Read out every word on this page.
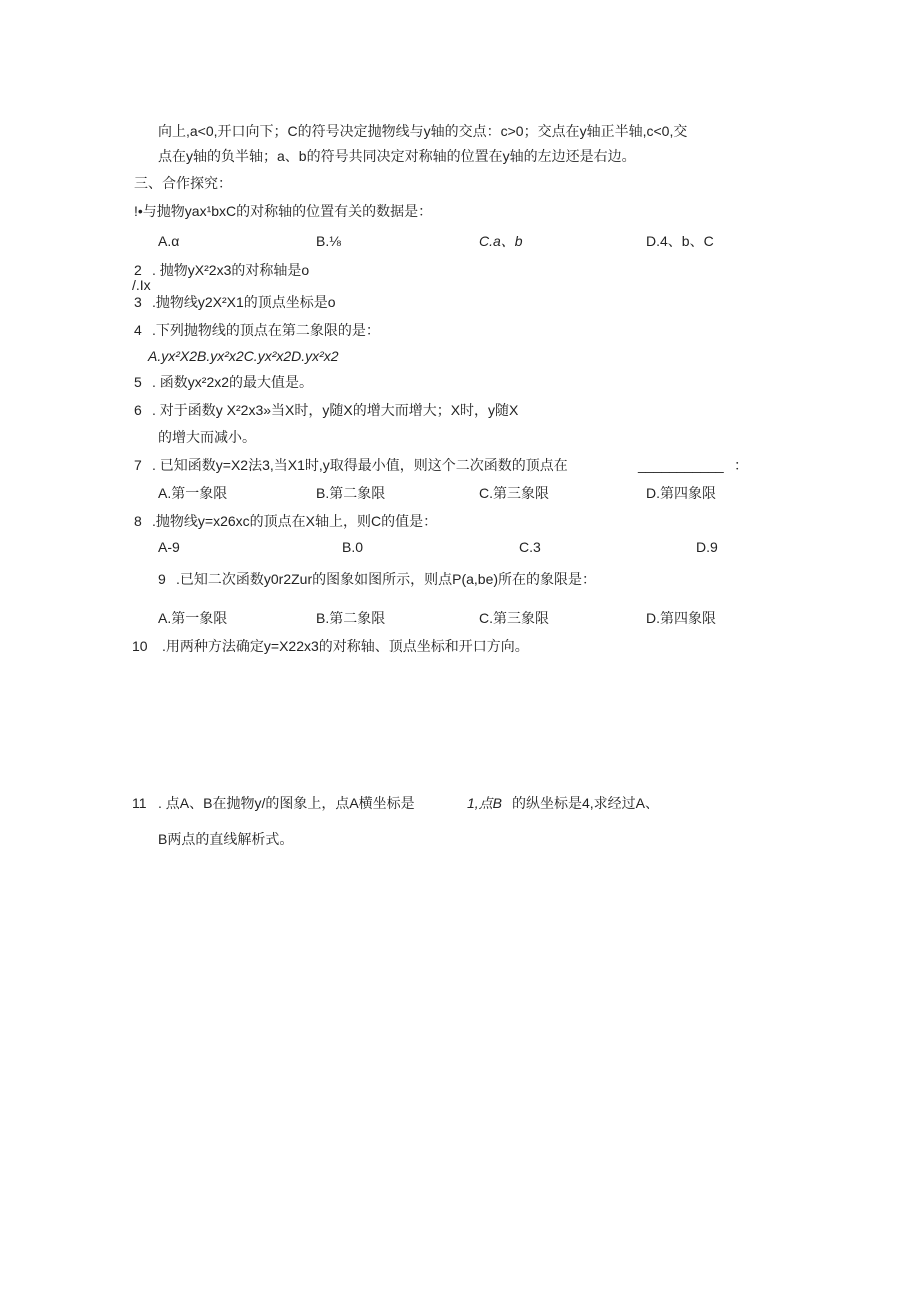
向上,a<0,开口向下；C的符号决定抛物线与y轴的交点：c>0；交点在y轴正半轴,c<0,交
点在y轴的负半轴；a、b的符号共同决定对称轴的位置在y轴的左边还是右边。
三、合作探究：
!•与抛物yax¹bxC的对称轴的位置有关的数据是：
A.α	B.⅛	C.a、b	D.4、b、C
2 . 抛物yX²2x3的对称轴是o
/.Ix
3 .抛物线y2X²X1的顶点坐标是o
4 .下列抛物线的顶点在第二象限的是：
A.yx²X2B.yx²x2C.yx²x2D.yx²x2
5 . 函数yx²2x2的最大值是。
6 . 对于函数y X²2x3»当X时，y随X的增大而增大；X时，y随X
的增大而减小。
7 . 已知函数y=X2法3,当X1时,y取得最小值，则这个二次函数的顶点在	___________ ：
A.第一象限	B.第二象限	C.第三象限	D.第四象限
8 .抛物线y=x26xc的顶点在X轴上，则C的值是：
A-9	B.0	C.3	D.9
9 .已知二次函数y0r2Zur的图象如图所示，则点P(a,be)所在的象限是：
A.第一象限	B.第二象限	C.第三象限	D.第四象限
10 .用两种方法确定y=X22x3的对称轴、顶点坐标和开口方向。
11 . 点A、B在抛物y/的图象上，点A横坐标是	1,点B 的纵坐标是4,求经过A、
B两点的直线解析式。
